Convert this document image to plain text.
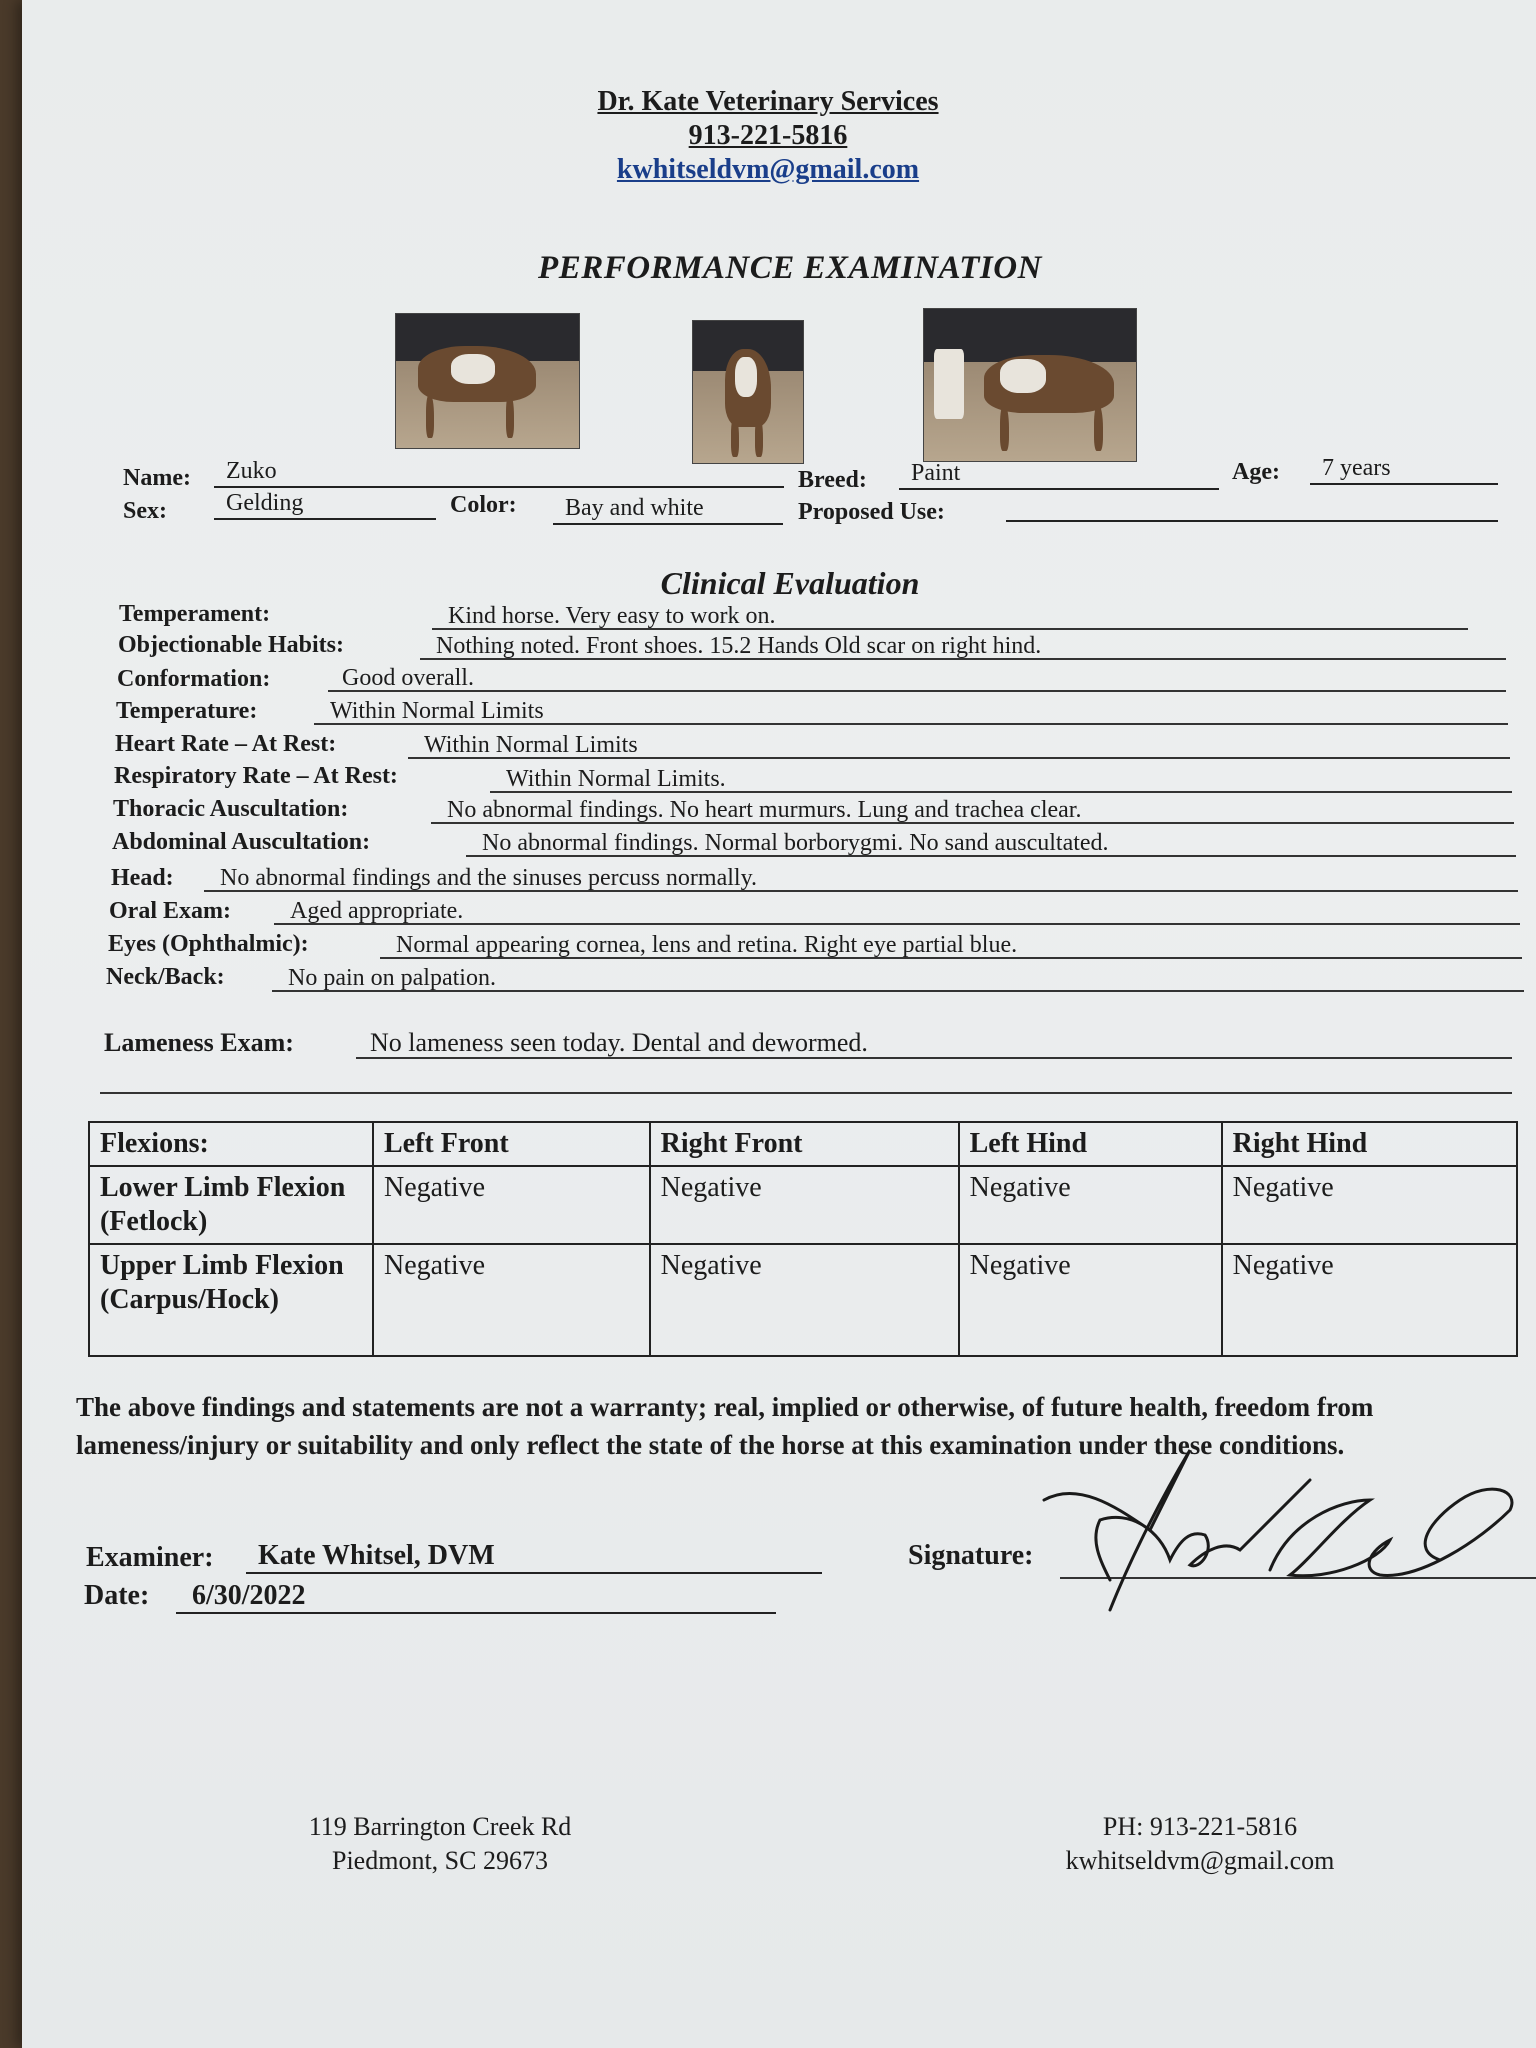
Dr. Kate Veterinary Services
913-221-5816
kwhitseldvm@gmail.com
PERFORMANCE EXAMINATION
Name:	Zuko
Sex:	Gelding	Color:	Bay and white
Breed:	Paint
Proposed Use:
Age:	7 years
Clinical Evaluation
Temperament:	Kind horse. Very easy to work on.
Objectionable Habits:	Nothing noted. Front shoes. 15.2 Hands Old scar on right hind.
Conformation:	Good overall.
Temperature:	Within Normal Limits
Heart Rate – At Rest:	Within Normal Limits
Respiratory Rate – At Rest:	Within Normal Limits.
Thoracic Auscultation:	No abnormal findings. No heart murmurs. Lung and trachea clear.
Abdominal Auscultation:	No abnormal findings. Normal borborygmi. No sand auscultated.
Head:	No abnormal findings and the sinuses percuss normally.
Oral Exam:	Aged appropriate.
Eyes (Ophthalmic):	Normal appearing cornea, lens and retina. Right eye partial blue.
Neck/Back:	No pain on palpation.
Lameness Exam:	No lameness seen today. Dental and dewormed.
Flexions:	Left Front	Right Front	Left Hind	Right Hind
Lower Limb Flexion (Fetlock)	Negative	Negative	Negative	Negative
Upper Limb Flexion (Carpus/Hock)	Negative	Negative	Negative	Negative
The above findings and statements are not a warranty; real, implied or otherwise, of future health, freedom from lameness/injury or suitability and only reflect the state of the horse at this examination under these conditions.
Examiner:	Kate Whitsel, DVM
Date:	6/30/2022
Signature:
119 Barrington Creek Rd
Piedmont, SC 29673
PH: 913-221-5816
kwhitseldvm@gmail.com
